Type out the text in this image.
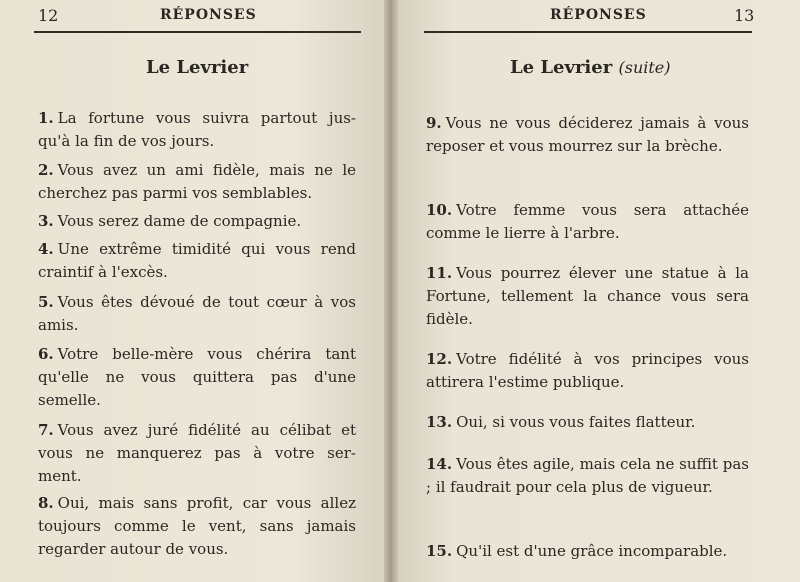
12	RÉPONSES
Le Levrier
1. La fortune vous suivra partout jus- qu'à la fin de vos jours.
2. Vous avez un ami fidèle, mais ne le cherchez pas parmi vos semblables.
3. Vous serez dame de compagnie.
4. Une extrême timidité qui vous rend craintif à l'excès.
5. Vous êtes dévoué de tout cœur à vos amis.
6. Votre belle-mère vous chérira tant qu'elle ne vous quittera pas d'une semelle.
7. Vous avez juré fidélité au célibat et vous ne manquerez pas à votre ser- ment.
8. Oui, mais sans profit, car vous allez toujours comme le vent, sans jamais regarder autour de vous.
RÉPONSES	13
Le Levrier (suite)
9. Vous ne vous déciderez jamais à vous reposer et vous mourrez sur la brèche.
10. Votre femme vous sera attachée comme le lierre à l'arbre.
11. Vous pourrez élever une statue à la Fortune, tellement la chance vous sera fidèle.
12. Votre fidélité à vos principes vous attirera l'estime publique.
13. Oui, si vous vous faites flatteur.
14. Vous êtes agile, mais cela ne suffit pas ; il faudrait pour cela plus de vigueur.
15. Qu'il est d'une grâce incomparable.
